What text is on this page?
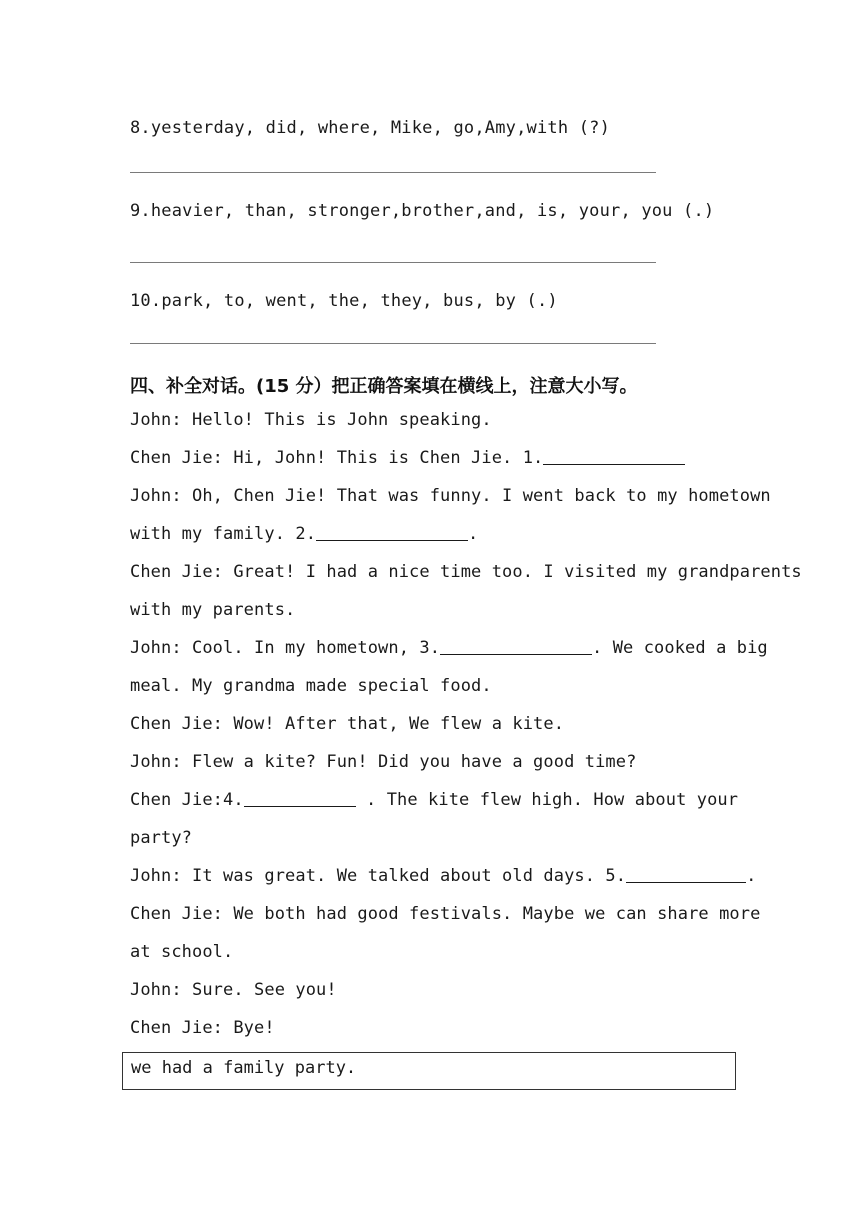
8.yesterday, did, where, Mike, go,Amy,with (?)
9.heavier, than, stronger,brother,and, is, your, you (.)
10.park, to, went, the, they, bus, by (.)
四、补全对话。(15 分）把正确答案填在横线上，注意大小写。
John: Hello! This is John speaking.
Chen Jie: Hi, John! This is Chen Jie. 1.
John: Oh, Chen Jie! That was funny. I went back to my hometown
with my family. 2.	.
Chen Jie: Great! I had a nice time too. I visited my grandparents
with my parents.
John: Cool. In my hometown, 3.	. We cooked a big
meal. My grandma made special food.
Chen Jie: Wow! After that, We flew a kite.
John: Flew a kite? Fun! Did you have a good time?
Chen Jie:4.	. The kite flew high. How about your
party?
John: It was great. We talked about old days. 5.	.
Chen Jie: We both had good festivals. Maybe we can share more
at school.
John: Sure. See you!
Chen Jie: Bye!
we had a family party.
